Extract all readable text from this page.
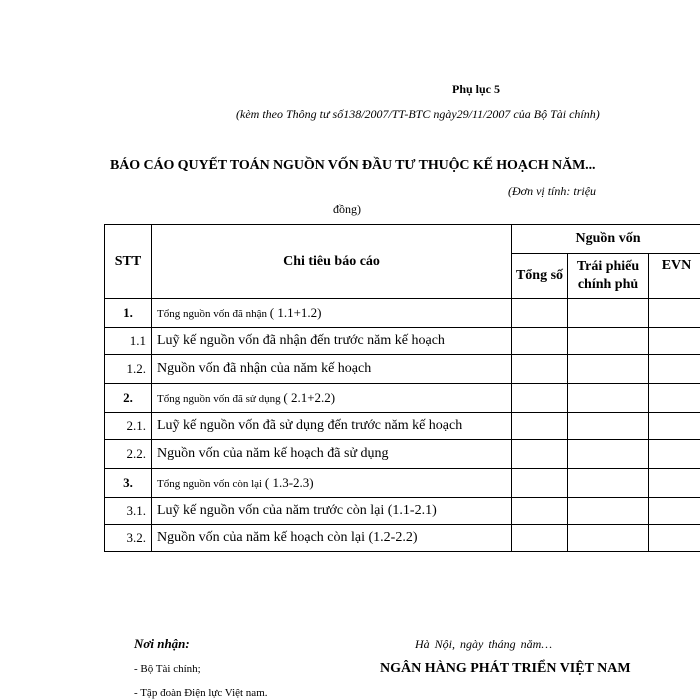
Phụ lục 5
(kèm theo Thông tư số138/2007/TT-BTC ngày29/11/2007 của Bộ Tài chính)
BÁO CÁO QUYẾT TOÁN NGUỒN VỐN ĐẦU TƯ THUỘC KẾ HOẠCH NĂM...
(Đơn vị tính: triệu
đồng)
STT	Chi tiêu báo cáo	Nguồn vốn		
		Tổng số	Trái phiếu chính phủ	EVN
1.	Tổng nguồn vốn đã nhận ( 1.1+1.2)			
1.1	Luỹ kế nguồn vốn đã nhận đến trước năm kế hoạch			
1.2.	Nguồn vốn đã nhận của năm kế hoạch			
2.	Tổng nguồn vốn đã sử dụng ( 2.1+2.2)			
2.1.	Luỹ kế nguồn vốn đã sử dụng đến trước năm kế hoạch			
2.2.	Nguồn vốn của năm kế hoạch đã sử dụng			
3.	Tổng nguồn vốn còn lại ( 1.3-2.3)			
3.1.	Luỹ kế nguồn vốn của năm trước còn lại (1.1-2.1)			
3.2.	Nguồn vốn của năm kế hoạch còn lại (1.2-2.2)			
Nơi nhận:	Hà Nội, ngày tháng năm…
- Bộ Tài chính;	NGÂN HÀNG PHÁT TRIỂN VIỆT NAM
- Tập đoàn Điện lực Việt nam.
